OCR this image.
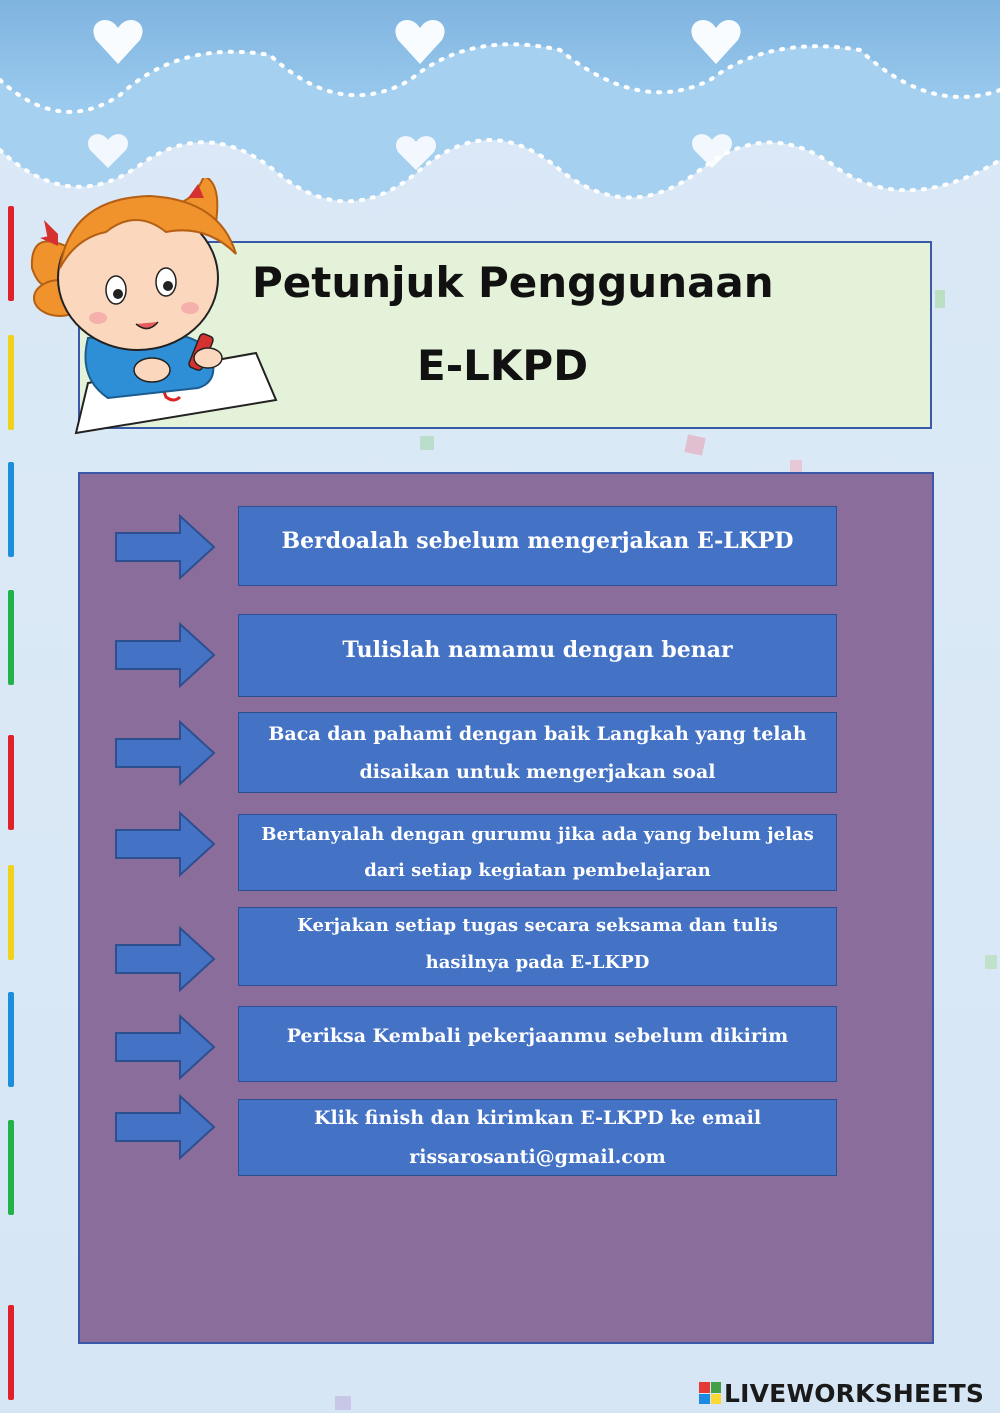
Petunjuk Penggunaan
E-LKPD
Berdoalah sebelum mengerjakan E-LKPD
Tulislah namamu dengan benar
Baca dan pahami dengan baik Langkah yang telah disaikan untuk mengerjakan soal
Bertanyalah dengan gurumu jika ada yang belum jelas dari setiap kegiatan pembelajaran
Kerjakan setiap tugas secara seksama dan tulis hasilnya pada E-LKPD
Periksa Kembali pekerjaanmu sebelum dikirim
Klik finish dan kirimkan E-LKPD ke email rissarosanti@gmail.com
LIVEWORKSHEETS
